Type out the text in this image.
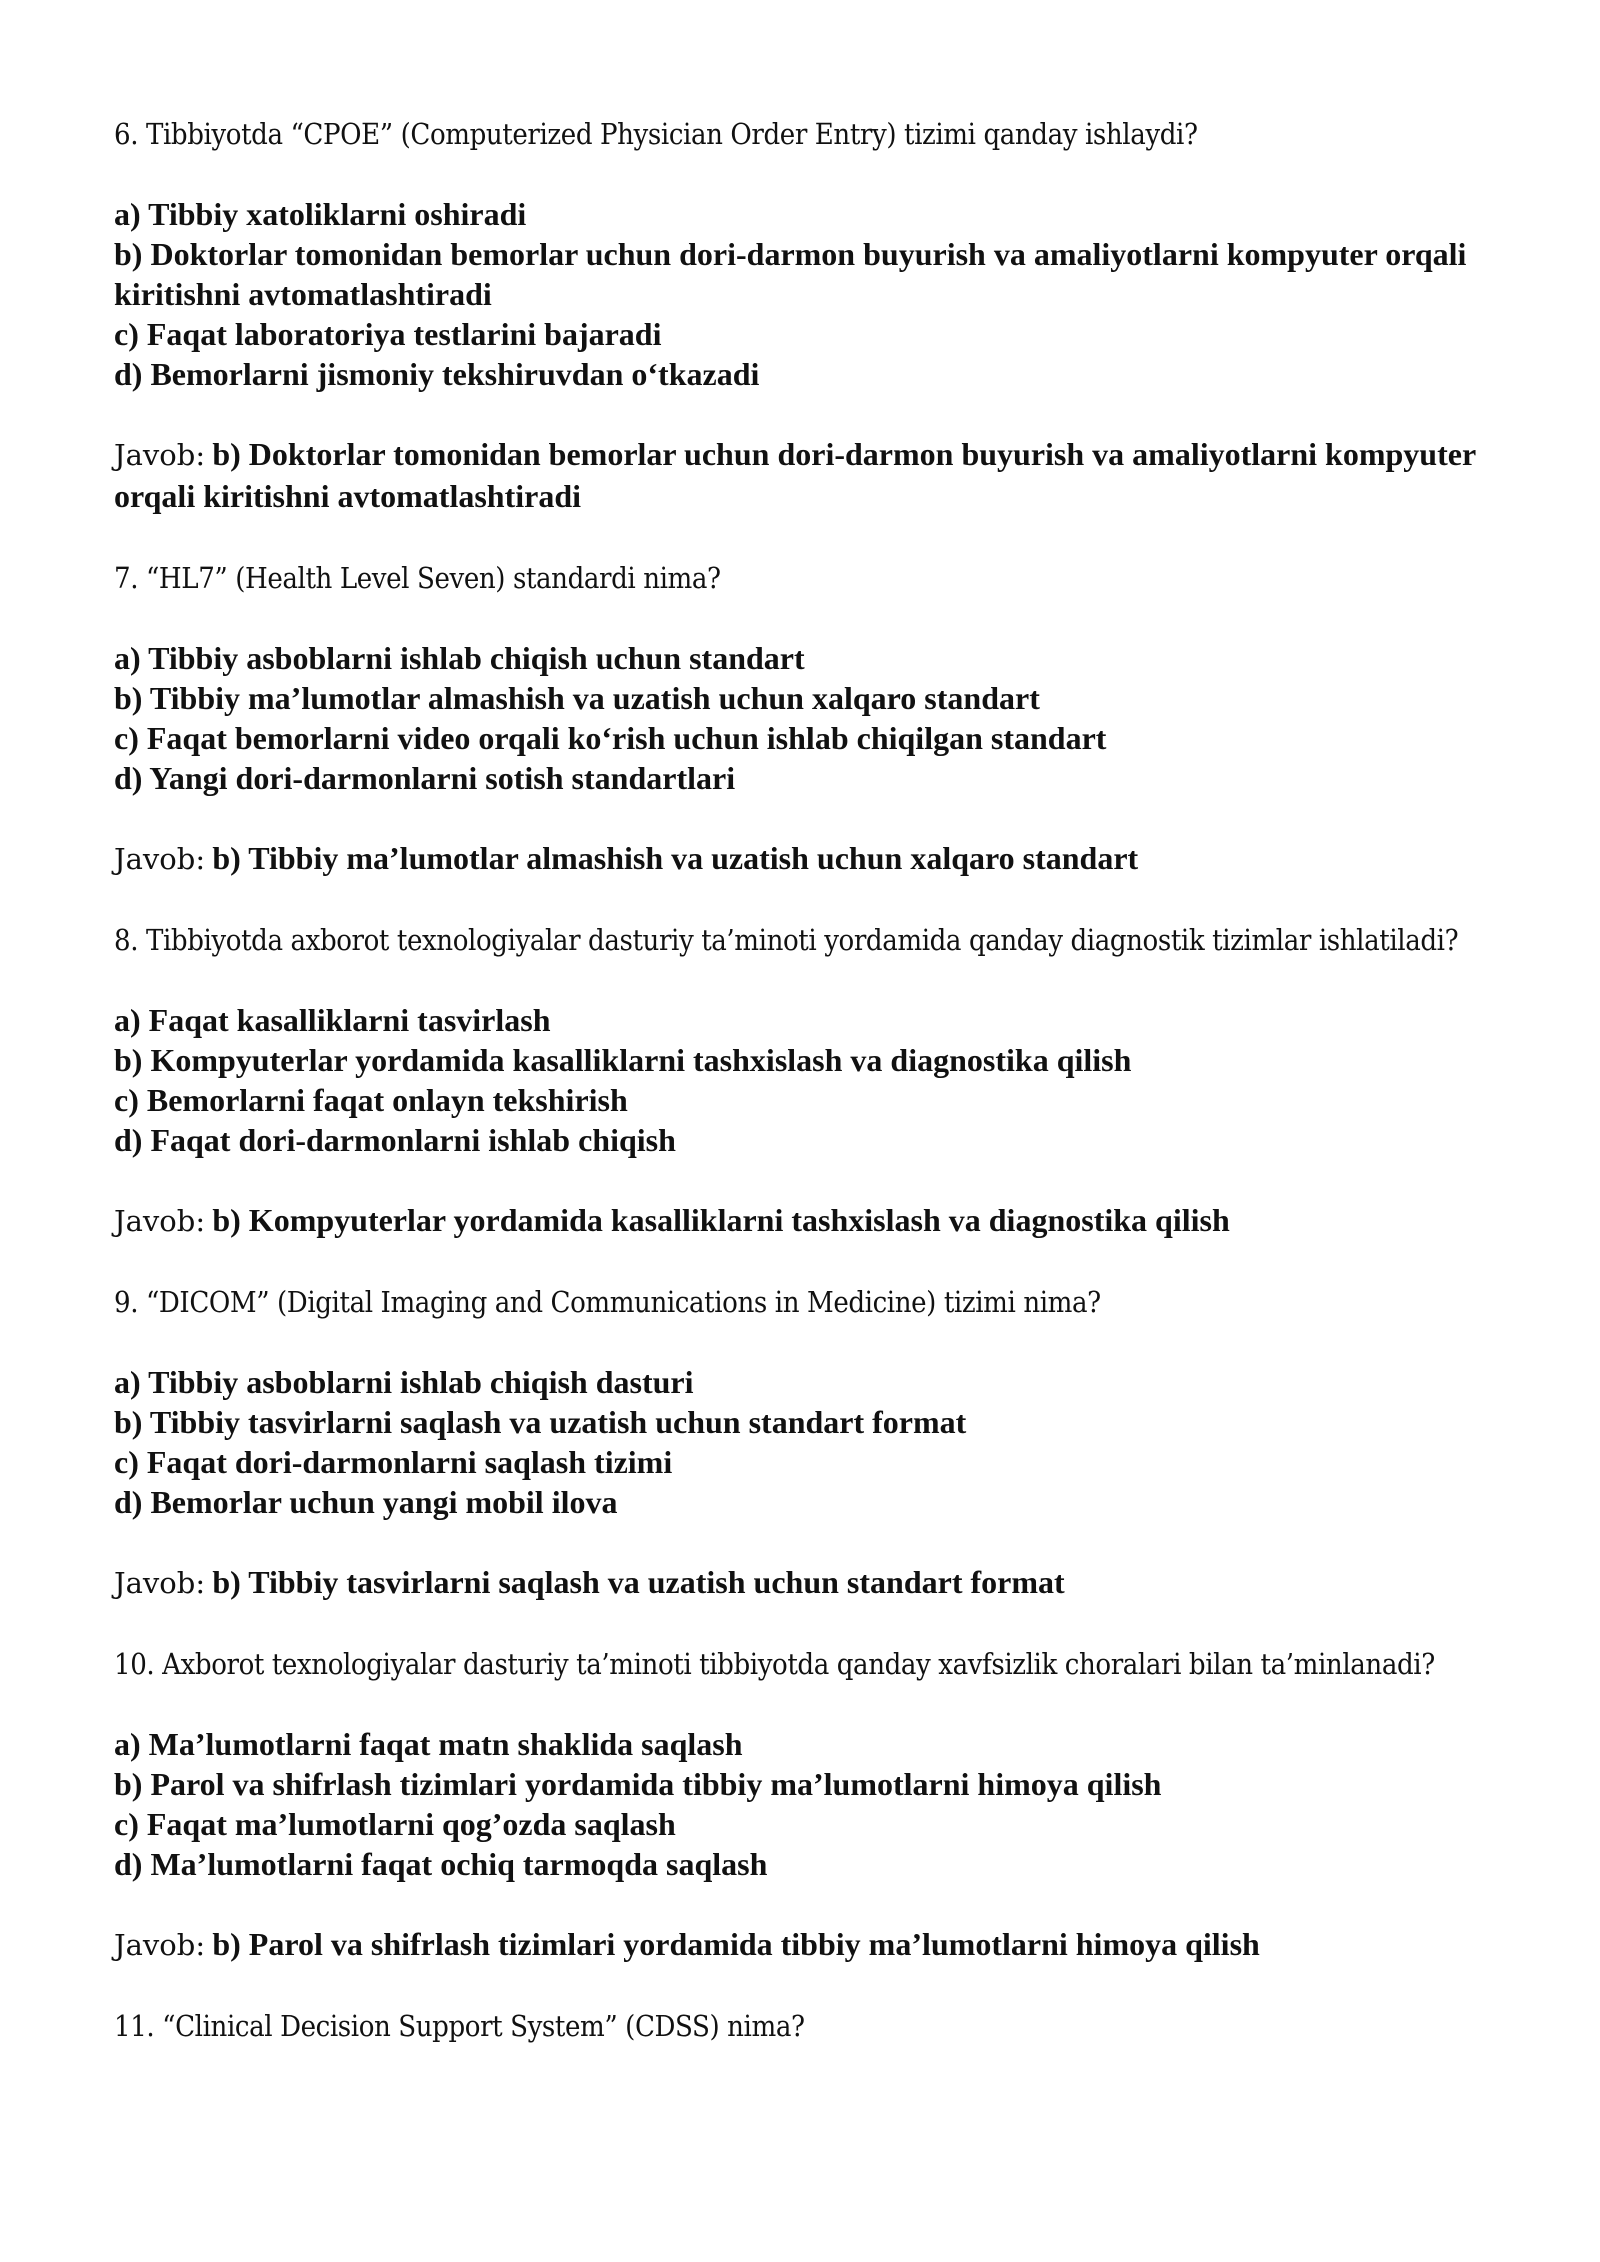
6. Tibbiyotda “CPOE” (Computerized Physician Order Entry) tizimi qanday ishlaydi?

a) Tibbiy xatoliklarni oshiradi
b) Doktorlar tomonidan bemorlar uchun dori-darmon buyurish va amaliyotlarni kompyuter orqali kiritishni avtomatlashtiradi
c) Faqat laboratoriya testlarini bajaradi
d) Bemorlarni jismoniy tekshiruvdan o‘tkazadi

Javob: b) Doktorlar tomonidan bemorlar uchun dori-darmon buyurish va amaliyotlarni kompyuter orqali kiritishni avtomatlashtiradi

7. “HL7” (Health Level Seven) standardi nima?

a) Tibbiy asboblarni ishlab chiqish uchun standart
b) Tibbiy ma’lumotlar almashish va uzatish uchun xalqaro standart
c) Faqat bemorlarni video orqali ko‘rish uchun ishlab chiqilgan standart
d) Yangi dori-darmonlarni sotish standartlari

Javob: b) Tibbiy ma’lumotlar almashish va uzatish uchun xalqaro standart

8. Tibbiyotda axborot texnologiyalar dasturiy ta’minoti yordamida qanday diagnostik tizimlar ishlatiladi?

a) Faqat kasalliklarni tasvirlash
b) Kompyuterlar yordamida kasalliklarni tashxislash va diagnostika qilish
c) Bemorlarni faqat onlayn tekshirish
d) Faqat dori-darmonlarni ishlab chiqish

Javob: b) Kompyuterlar yordamida kasalliklarni tashxislash va diagnostika qilish

9. “DICOM” (Digital Imaging and Communications in Medicine) tizimi nima?

a) Tibbiy asboblarni ishlab chiqish dasturi
b) Tibbiy tasvirlarni saqlash va uzatish uchun standart format
c) Faqat dori-darmonlarni saqlash tizimi
d) Bemorlar uchun yangi mobil ilova

Javob: b) Tibbiy tasvirlarni saqlash va uzatish uchun standart format

10. Axborot texnologiyalar dasturiy ta’minoti tibbiyotda qanday xavfsizlik choralari bilan ta’minlanadi?

a) Ma’lumotlarni faqat matn shaklida saqlash
b) Parol va shifrlash tizimlari yordamida tibbiy ma’lumotlarni himoya qilish
c) Faqat ma’lumotlarni qog’ozda saqlash
d) Ma’lumotlarni faqat ochiq tarmoqda saqlash

Javob: b) Parol va shifrlash tizimlari yordamida tibbiy ma’lumotlarni himoya qilish

11. “Clinical Decision Support System” (CDSS) nima?
